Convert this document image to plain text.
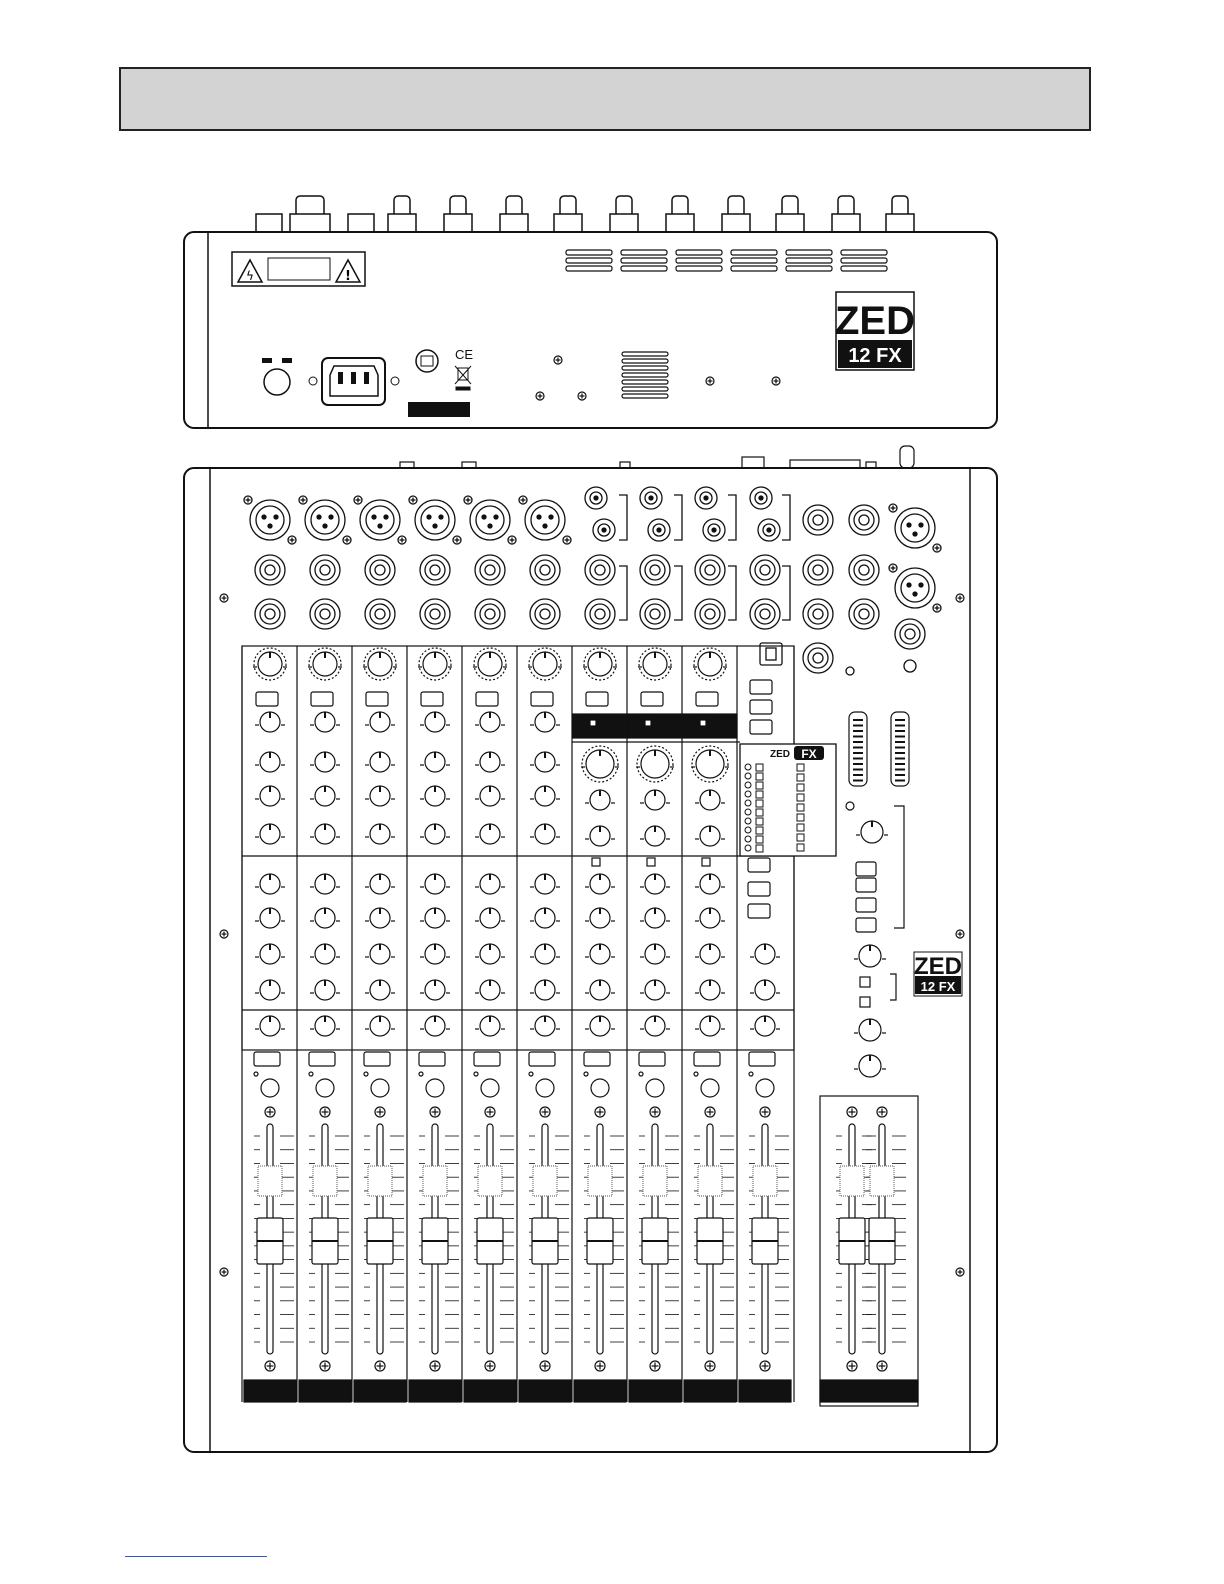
ϟ	!
ZED
12 FX
CE
ZED FX
ZED
12 FX
